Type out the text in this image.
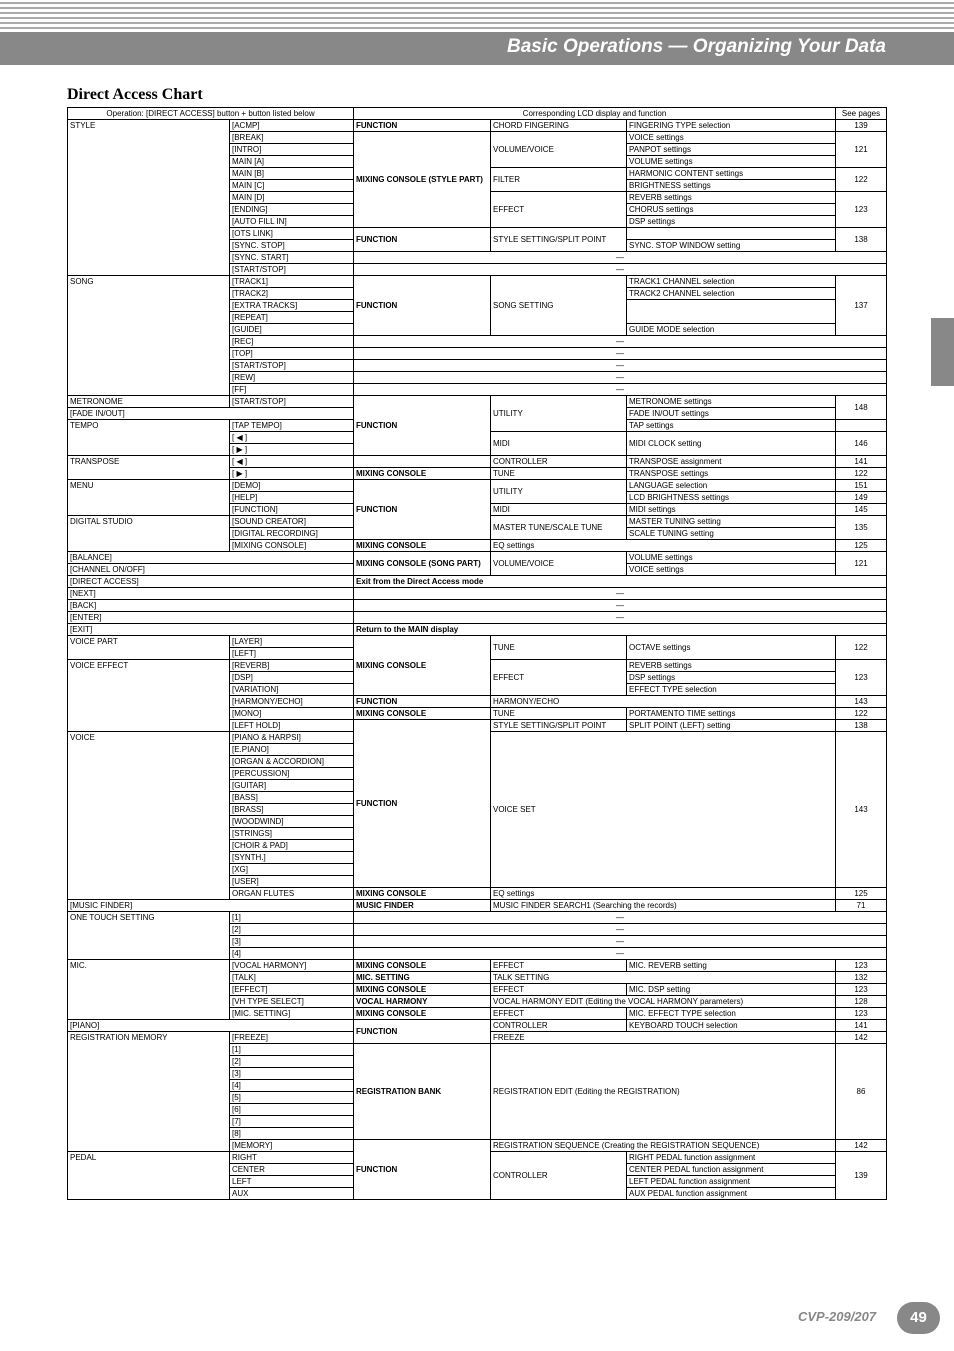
Basic Operations — Organizing Your Data
Direct Access Chart
Operation: [DIRECT ACCESS] button + button listed below		Corresponding LCD display and function			See pages
STYLE	[ACMP]	FUNCTION	CHORD FINGERING	FINGERING TYPE selection	139
	[BREAK]	MIXING CONSOLE (STYLE PART)	VOLUME/VOICE	VOICE settings	121
	[INTRO]			PANPOT settings	
	MAIN [A]			VOLUME settings	
	MAIN [B]		FILTER	HARMONIC CONTENT settings	122
	MAIN [C]			BRIGHTNESS settings	
	MAIN [D]		EFFECT	REVERB settings	123
	[ENDING]			CHORUS settings	
	[AUTO FILL IN]			DSP settings	
	[OTS LINK]	FUNCTION	STYLE SETTING/SPLIT POINT		138
	[SYNC. STOP]			SYNC. STOP WINDOW setting	
	[SYNC. START]	—			
	[START/STOP]	—			
SONG	[TRACK1]	FUNCTION	SONG SETTING	TRACK1 CHANNEL selection	137
	[TRACK2]			TRACK2 CHANNEL selection	
	[EXTRA TRACKS]				
	[REPEAT]				
	[GUIDE]			GUIDE MODE selection	
	[REC]	—			
	[TOP]	—			
	[START/STOP]	—			
	[REW]	—			
	[FF]	—			
METRONOME	[START/STOP]	FUNCTION	UTILITY	METRONOME settings	148
[FADE IN/OUT]				FADE IN/OUT settings	
TEMPO	[TAP TEMPO]			TAP settings	
	[ ◀ ]		MIDI	MIDI CLOCK setting	146
	[ ▶ ]				
TRANSPOSE	[ ◀ ]		CONTROLLER	TRANSPOSE assignment	141
	[ ▶ ]	MIXING CONSOLE	TUNE	TRANSPOSE settings	122
MENU	[DEMO]	FUNCTION	UTILITY	LANGUAGE selection	151
	[HELP]			LCD BRIGHTNESS settings	149
	[FUNCTION]		MIDI	MIDI settings	145
DIGITAL STUDIO	[SOUND CREATOR]		MASTER TUNE/SCALE TUNE	MASTER TUNING setting	135
	[DIGITAL RECORDING]			SCALE TUNING setting	
	[MIXING CONSOLE]	MIXING CONSOLE	EQ settings		125
[BALANCE]		MIXING CONSOLE (SONG PART)	VOLUME/VOICE	VOLUME settings	121
[CHANNEL ON/OFF]				VOICE settings	
[DIRECT ACCESS]		Exit from the Direct Access mode			
[NEXT]		—			
[BACK]		—			
[ENTER]		—			
[EXIT]		Return to the MAIN display			
VOICE PART	[LAYER]	MIXING CONSOLE	TUNE	OCTAVE settings	122
	[LEFT]				
VOICE EFFECT	[REVERB]		EFFECT	REVERB settings	123
	[DSP]			DSP settings	
	[VARIATION]			EFFECT TYPE selection	
	[HARMONY/ECHO]	FUNCTION	HARMONY/ECHO		143
	[MONO]	MIXING CONSOLE	TUNE	PORTAMENTO TIME settings	122
	[LEFT HOLD]	FUNCTION	STYLE SETTING/SPLIT POINT	SPLIT POINT (LEFT) setting	138
VOICE	[PIANO & HARPSI]		VOICE SET		143
	[E.PIANO]				
	[ORGAN & ACCORDION]				
	[PERCUSSION]				
	[GUITAR]				
	[BASS]				
	[BRASS]				
	[WOODWIND]				
	[STRINGS]				
	[CHOIR & PAD]				
	[SYNTH.]				
	[XG]				
	[USER]				
	ORGAN FLUTES	MIXING CONSOLE	EQ settings		125
[MUSIC FINDER]		MUSIC FINDER	MUSIC FINDER SEARCH1 (Searching the records)		71
ONE TOUCH SETTING	[1]	—			
	[2]	—			
	[3]	—			
	[4]	—			
MIC.	[VOCAL HARMONY]	MIXING CONSOLE	EFFECT	MIC. REVERB setting	123
	[TALK]	MIC. SETTING	TALK SETTING		132
	[EFFECT]	MIXING CONSOLE	EFFECT	MIC. DSP setting	123
	[VH TYPE SELECT]	VOCAL HARMONY	VOCAL HARMONY EDIT (Editing the VOCAL HARMONY parameters)		128
	[MIC. SETTING]	MIXING CONSOLE	EFFECT	MIC. EFFECT TYPE selection	123
[PIANO]		FUNCTION	CONTROLLER	KEYBOARD TOUCH selection	141
REGISTRATION MEMORY	[FREEZE]		FREEZE		142
	[1]	REGISTRATION BANK	REGISTRATION EDIT (Editing the REGISTRATION)		86
	[2]				
	[3]				
	[4]				
	[5]				
	[6]				
	[7]				
	[8]				
	[MEMORY]	FUNCTION	REGISTRATION SEQUENCE (Creating the REGISTRATION SEQUENCE)		142
PEDAL	RIGHT		CONTROLLER	RIGHT PEDAL function assignment	139
	CENTER			CENTER PEDAL function assignment	
	LEFT			LEFT PEDAL function assignment	
	AUX			AUX PEDAL function assignment	
CVP-209/207	49
